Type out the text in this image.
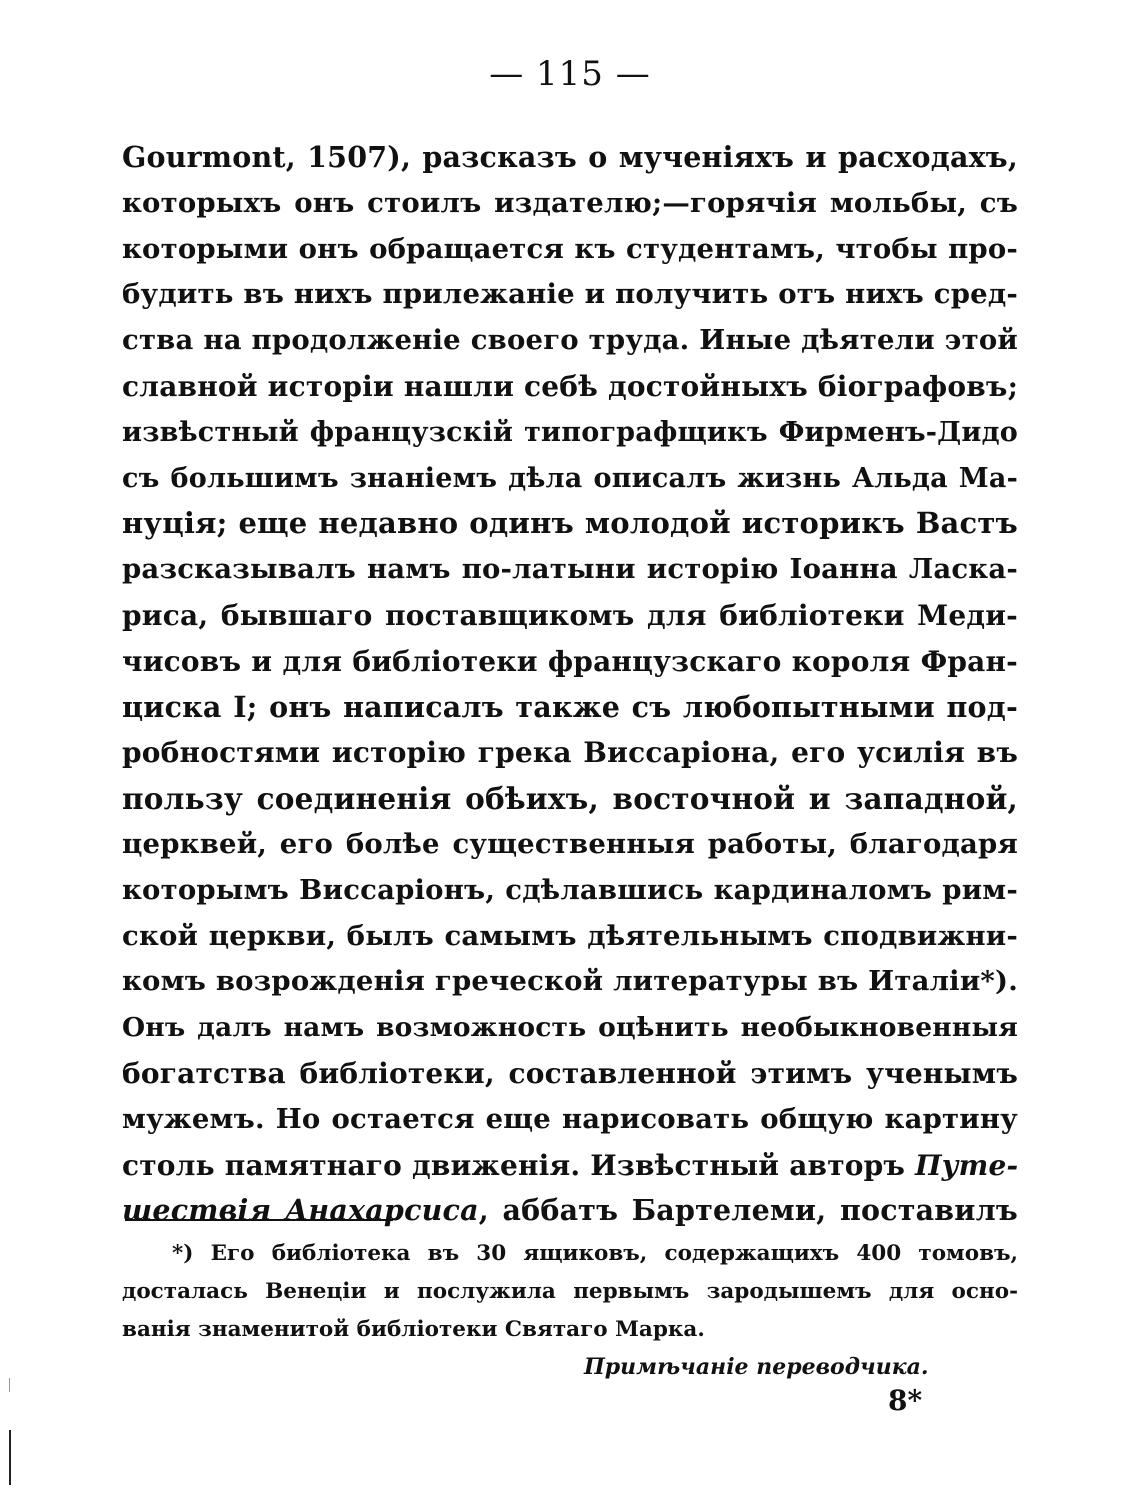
— 115 —
Gourmont, 1507), разсказъ о мученіяхъ и расходахъ,
которыхъ онъ стоилъ издателю;—горячія мольбы, съ
которыми онъ обращается къ студентамъ, чтобы про-
будить въ нихъ прилежаніе и получить отъ нихъ сред-
ства на продолженіе своего труда. Иные дѣятели этой
славной исторіи нашли себѣ достойныхъ біографовъ;
извѣстный французскій типографщикъ Фирменъ-Дидо
съ большимъ знаніемъ дѣла описалъ жизнь Альда Ма-
нуція; еще недавно одинъ молодой историкъ Вастъ
разсказывалъ намъ по-латыни исторію Іоанна Ласка-
риса, бывшаго поставщикомъ для библіотеки Меди-
чисовъ и для библіотеки французскаго короля Фран-
циска I; онъ написалъ также съ любопытными под-
робностями исторію грека Виссаріона, его усилія въ
пользу соединенія обѣихъ, восточной и западной,
церквей, его болѣе существенныя работы, благодаря
которымъ Виссаріонъ, сдѣлавшись кардиналомъ рим-
ской церкви, былъ самымъ дѣятельнымъ сподвижни-
комъ возрожденія греческой литературы въ Италіи*).
Онъ далъ намъ возможность оцѣнить необыкновенныя
богатства библіотеки, составленной этимъ ученымъ
мужемъ. Но остается еще нарисовать общую картину
столь памятнаго движенія. Извѣстный авторъ Путе-
шествія Анахарсиса, аббатъ Бартелеми, поставилъ
*) Его библіотека въ 30 ящиковъ, содержащихъ 400 томовъ,
досталась Венеціи и послужила первымъ зародышемъ для осно-
ванія знаменитой библіотеки Святаго Марка.
Примѣчаніе переводчика.
8*
